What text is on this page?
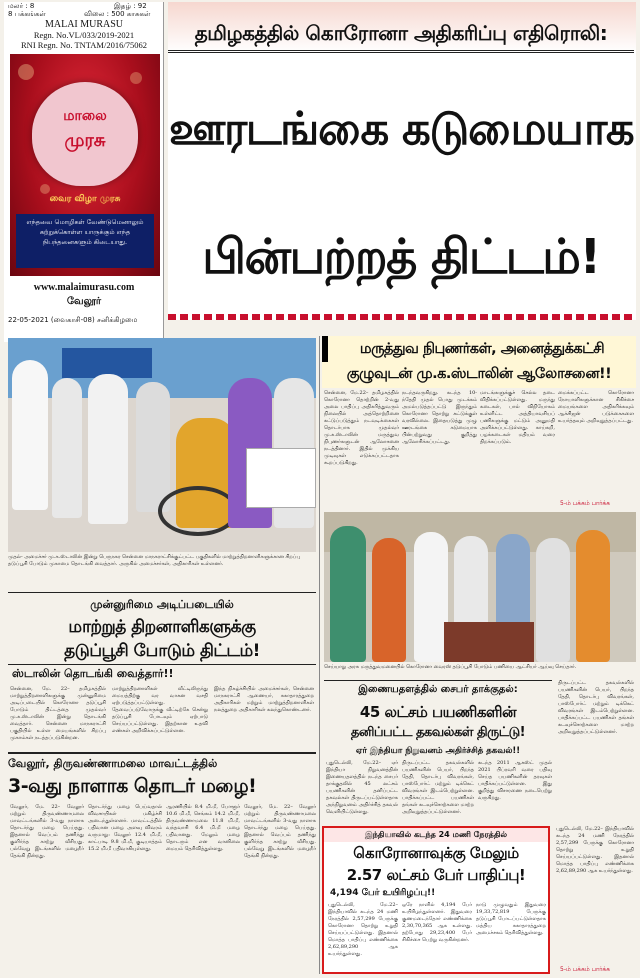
மலர் : 8
8 பக்கங்கள்
இதழ் : 92
விலை : 500 காசுகள்
MALAI MURASU
Regn. No.VL/033/2019-2021
RNI Regn. No. TNTAM/2016/75062
மாலை
முரசு
வைர விழா முரசு
எந்தவை மொழிகள் வேண்டுமெனாலும்
கற்றுக்கொள்ள யாருக்கும் எந்த
நிபந்தனைகளும் கிடையாது.
www.malaimurasu.com
வேலூர்
22-05-2021 (வைகாசி-08) சனிக்கிழமை
தமிழகத்தில் கொரோனா அதிகரிப்பு எதிரொலி:
ஊரடங்கை கடுமையாக
பின்பற்றத் திட்டம்!
முதல்- அமைச்சர் மு.க.ஸ்டாலின் இன்று பெருநகர சென்னை மாநகராட்சிக்குட்பட்ட பகுதிகளில் மாற்றுத்திறனாளிகளுக்கான சிறப்பு தடுப்பூசி போடும் முகாமை தொடங்கி வைத்தார். அருகில் அமைச்சர்கள், அதிகாரிகள் உள்ளனர்.
மருத்துவ நிபுணர்கள், அனைத்துக்கட்சி
குழுவுடன் மு.க.ஸ்டாலின் ஆலோசனை!!
சென்னை, மே.22– தமிழகத்தில் கொரோனா தொற்றின் 2-வது அலை பாதிப்பு அதிகரித்துவரும் நிலையில் அத்தொற்றினை கட்டுப்படுத்தும் நடவடிக்கைகள் தொடர்பாக முதல்வர் மு.க.ஸ்டாலின் மருத்துவ நிபுணர்களுடன் ஆலோசனை நடத்தினார். இதில் முக்கிய முடிவுகள் எடுக்கப்பட்டதாக கூறப்படுகிறது.
நடந்தவருகிறது. கடந்த 10-ந்தேதி முதல் பொது முடக்கம் அமல்படுத்தப்பட்டு இருந்தும் கொரோனா தொற்று கட்டுக்குள் வரவில்லை. இதையடுத்து முழு ஊரடங்கை கடுமையாக பின்பற்றுவது குறித்து ஆலோசிக்கப்பட்டது.
மாடங்களுக்குச் செல்ல தடை விதிக்கப்பட்டுள்ளது. மருந்து கடைகள், பால் விநியோகம் உள்ளிட்ட அத்தியாவசியப் பணிகளுக்கு மட்டும் அனுமதி அளிக்கப்பட்டுள்ளது. காய்கறி, பழக்கடைகள் மதியம் வரை திறக்கப்படும்.
மைக்கப்பட்ட கொரோனா நோயாளிகளுக்கான சிகிச்சை மையங்களை அதிகரிக்கவும் ஆக்சிஜன் படுக்கைகளை உயர்த்தவும் அறிவுறுத்தப்பட்டது.
5-ம் பக்கம் பார்க்க
செய்யாறு அரசு மருத்துவமனையில் கொரோனா வைரஸ் தடுப்பூசி போடும் பணியை ஆட்சியர் ஆய்வு செய்தார்.
முன்னுரிமை அடிப்படையில்
மாற்றுத் திறனாளிகளுக்கு
தடுப்பூசி போடும் திட்டம்!
ஸ்டாலின் தொடங்கி வைத்தார்!!
சென்னை, மே. 22– தமிழகத்தில் மாற்றுத்திறனாளிகளுக்கு முன்னுரிமை அடிப்படையில் கொரோனா தடுப்பூசி போடும் திட்டத்தை முதல்வர் மு.க.ஸ்டாலின் இன்று தொடங்கி வைத்தார். சென்னை மாநகராட்சி பகுதியில் உள்ள மையங்களில் சிறப்பு முகாம்கள் நடத்தப்படுகின்றன.
மாற்றுத்திறனாளிகள் வீட்டிலிருந்து மையத்திற்கு வர வாகன வசதி ஏற்படுத்தப்பட்டுள்ளது. தேவைப்படுவோருக்கு வீட்டிற்கே சென்று தடுப்பூசி போடவும் ஏற்பாடு செய்யப்பட்டுள்ளது. இதற்கான உதவி எண்கள் அறிவிக்கப்பட்டுள்ளன.
இந்த நிகழ்ச்சியில் அமைச்சர்கள், சென்னை மாநகராட்சி ஆணையர், சுகாதாரத்துறை அதிகாரிகள் மற்றும் மாற்றுத்திறனாளிகள் நலத்துறை அதிகாரிகள் கலந்துகொண்டனர்.
வேலூர், திருவண்ணாமலை மாவட்டத்தில்
3-வது நாளாக தொடர் மழை!
வேலூர், மே. 22– வேலூர் மற்றும் திருவண்ணாமலை மாவட்டங்களில் 3-வது நாளாக தொடர்ந்து மழை பெய்தது. இதனால் வெப்பம் தணிந்து குளிர்ந்த காற்று வீசியது. பல்வேறு இடங்களில் மழைநீர் தேங்கி நின்றது.
தொடர்ந்து மழை பெய்வதால் விவசாயிகள் மகிழ்ச்சி அடைந்துள்ளனர். மாவட்டத்தில் பதிவான மழை அளவு விவரம் வருமாறு: வேலூர் 12.4 மி.மீ, காட்பாடி 9.8 மி.மீ, குடியாத்தம் 15.2 மி.மீ பதிவாகியுள்ளது.
ஆரணியில் 8.4 மி.மீ, போளூர் 10.6 மி.மீ, செங்கம் 14.2 மி.மீ, திருவண்ணாமலை 11.8 மி.மீ, வந்தவாசி 6.4 மி.மீ மழை பதிவானது. மேலும் மழை தொடரும் என வானிலை மையம் தெரிவித்துள்ளது.
வேலூர், மே. 22– வேலூர் மற்றும் திருவண்ணாமலை மாவட்டங்களில் 3-வது நாளாக தொடர்ந்து மழை பெய்தது. இதனால் வெப்பம் தணிந்து குளிர்ந்த காற்று வீசியது. பல்வேறு இடங்களில் மழைநீர் தேங்கி நின்றது.
இணையதளத்தில் சைபர் தாக்குதல்:
45 லட்சம் பயணிகளின்
தனிப்பட்ட தகவல்கள் திருட்டு!
ஏர் இந்தியா நிறுவனம் அதிர்ச்சித் தகவல்!!
புதுடெல்லி, மே.22– ஏர் இந்தியா நிறுவனத்தின் இணையதளத்தில் நடந்த சைபர் தாக்குதலில் 45 லட்சம் பயணிகளின் தனிப்பட்ட தகவல்கள் திருடப்பட்டுள்ளதாக அந்நிறுவனம் அதிர்ச்சித் தகவல் வெளியிட்டுள்ளது.
திருடப்பட்ட தகவல்களில் பயணிகளின் பெயர், பிறந்த தேதி, தொடர்பு விவரங்கள், பாஸ்போர்ட் மற்றும் டிக்கெட் விவரங்கள் இடம்பெற்றுள்ளன. பாதிக்கப்பட்ட பயணிகள் தங்கள் கடவுச்சொற்களை மாற்ற அறிவுறுத்தப்பட்டுள்ளனர்.
கடந்த 2011 ஆகஸ்ட் முதல் 2021 பிப்ரவரி வரை பதிவு செய்த பயணிகளின் தரவுகள் பாதிக்கப்பட்டுள்ளன. இது குறித்து விசாரணை நடைபெற்று வருகிறது.
திருடப்பட்ட தகவல்களில் பயணிகளின் பெயர், பிறந்த தேதி, தொடர்பு விவரங்கள், பாஸ்போர்ட் மற்றும் டிக்கெட் விவரங்கள் இடம்பெற்றுள்ளன. பாதிக்கப்பட்ட பயணிகள் தங்கள் கடவுச்சொற்களை மாற்ற அறிவுறுத்தப்பட்டுள்ளனர்.
இந்தியாவில் கடந்த 24 மணி நேரத்தில்
கொரோனாவுக்கு மேலும்
2.57 லட்சம் பேர் பாதிப்பு!
4,194 பேர் உயிரிழப்பு!!
புதுடெல்லி, மே.22– இந்தியாவில் கடந்த 24 மணி நேரத்தில் 2,57,299 பேருக்கு கொரோனா தொற்று உறுதி செய்யப்பட்டுள்ளது. இதனால் மொத்த பாதிப்பு எண்ணிக்கை 2,62,89,290 ஆக உயர்ந்துள்ளது.
ஒரே நாளில் 4,194 பேர் உயிரிழந்துள்ளனர். இதுவரை குணமடைந்தோர் எண்ணிக்கை 2,30,70,365 ஆக உள்ளது. தற்போது 29,23,400 பேர் சிகிச்சை பெற்று வருகின்றனர்.
நாடு முழுவதும் இதுவரை 19,33,72,819 பேருக்கு தடுப்பூசி போடப்பட்டுள்ளதாக மத்திய சுகாதாரத்துறை அமைச்சகம் தெரிவித்துள்ளது.
புதுடெல்லி, மே.22– இந்தியாவில் கடந்த 24 மணி நேரத்தில் 2,57,299 பேருக்கு கொரோனா தொற்று உறுதி செய்யப்பட்டுள்ளது. இதனால் மொத்த பாதிப்பு எண்ணிக்கை 2,62,89,290 ஆக உயர்ந்துள்ளது.
5-ம் பக்கம் பார்க்க
